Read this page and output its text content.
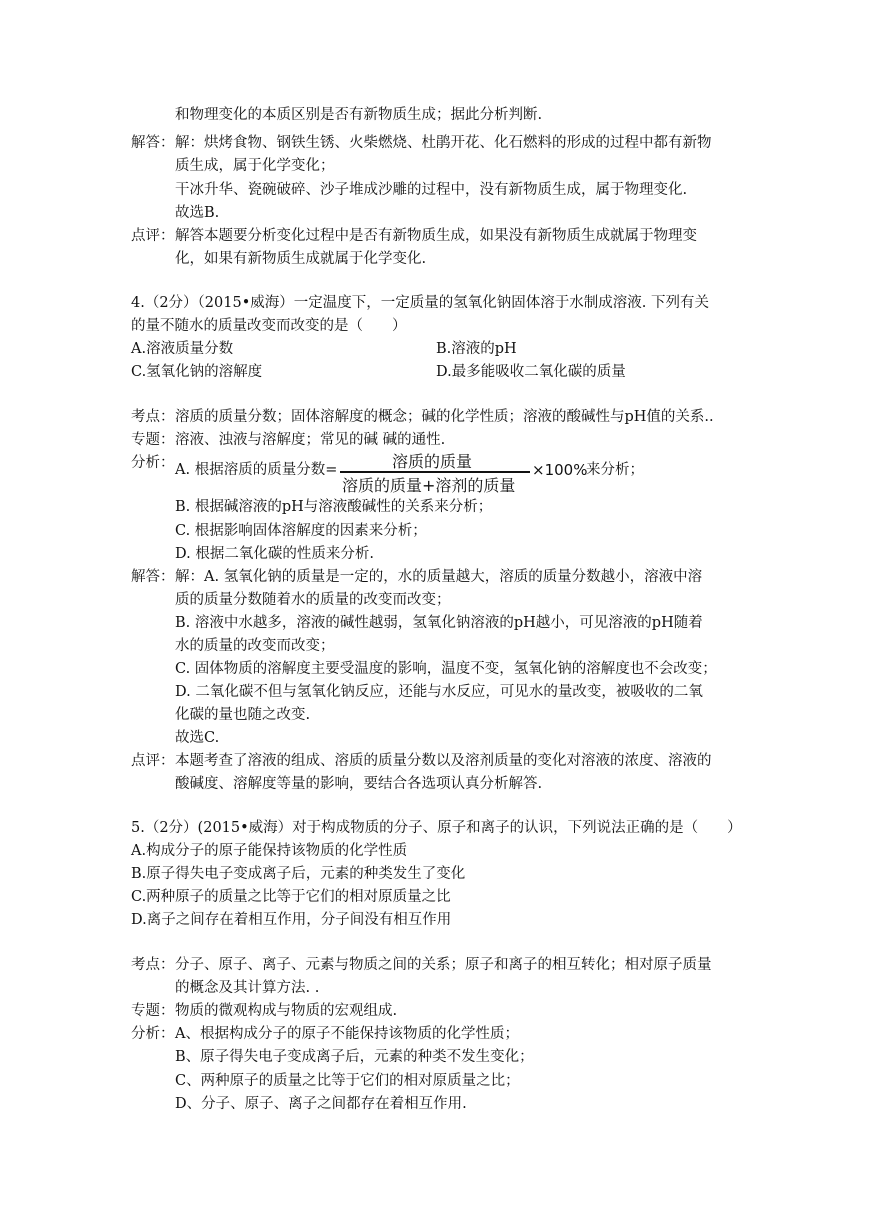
和物理变化的本质区别是否有新物质生成；据此分析判断.
解答： 解：烘烤食物、钢铁生锈、火柴燃烧、杜鹃开花、化石燃料的形成的过程中都有新物
质生成，属于化学变化；
干冰升华、瓷碗破碎、沙子堆成沙雕的过程中，没有新物质生成，属于物理变化.
故选B.
点评： 解答本题要分析变化过程中是否有新物质生成，如果没有新物质生成就属于物理变
化，如果有新物质生成就属于化学变化.
4.（2分）（2015•威海）一定温度下，一定质量的氢氧化钠固体溶于水制成溶液. 下列有关
的量不随水的质量改变而改变的是（　　）
A.溶液质量分数	B.溶液的pH
C.氢氧化钠的溶解度	D.最多能吸收二氧化碳的质量
考点： 溶质的质量分数；固体溶解度的概念；碱的化学性质；溶液的酸碱性与pH值的关系..
专题： 溶液、浊液与溶解度；常见的碱 碱的通性.
分析： A. 根据溶质的质量分数=	溶质的质量
溶质的质量+溶剂的质量
×100%
来分析；
B. 根据碱溶液的pH与溶液酸碱性的关系来分析；
C. 根据影响固体溶解度的因素来分析；
D. 根据二氧化碳的性质来分析.
解答： 解：A. 氢氧化钠的质量是一定的，水的质量越大，溶质的质量分数越小，溶液中溶
质的质量分数随着水的质量的改变而改变；
B. 溶液中水越多，溶液的碱性越弱，氢氧化钠溶液的pH越小，可见溶液的pH随着
水的质量的改变而改变；
C. 固体物质的溶解度主要受温度的影响，温度不变，氢氧化钠的溶解度也不会改变；
D. 二氧化碳不但与氢氧化钠反应，还能与水反应，可见水的量改变，被吸收的二氧
化碳的量也随之改变.
故选C.
点评： 本题考查了溶液的组成、溶质的质量分数以及溶剂质量的变化对溶液的浓度、溶液的
酸碱度、溶解度等量的影响，要结合各选项认真分析解答.
5.（2分）(2015•威海）对于构成物质的分子、原子和离子的认识，下列说法正确的是（　　）
A.构成分子的原子能保持该物质的化学性质
B.原子得失电子变成离子后，元素的种类发生了变化
C.两种原子的质量之比等于它们的相对原质量之比
D.离子之间存在着相互作用，分子间没有相互作用
考点： 分子、原子、离子、元素与物质之间的关系；原子和离子的相互转化；相对原子质量
的概念及其计算方法. .
专题： 物质的微观构成与物质的宏观组成.
分析： A、根据构成分子的原子不能保持该物质的化学性质；
B、原子得失电子变成离子后，元素的种类不发生变化；
C、两种原子的质量之比等于它们的相对原质量之比；
D、分子、原子、离子之间都存在着相互作用.
